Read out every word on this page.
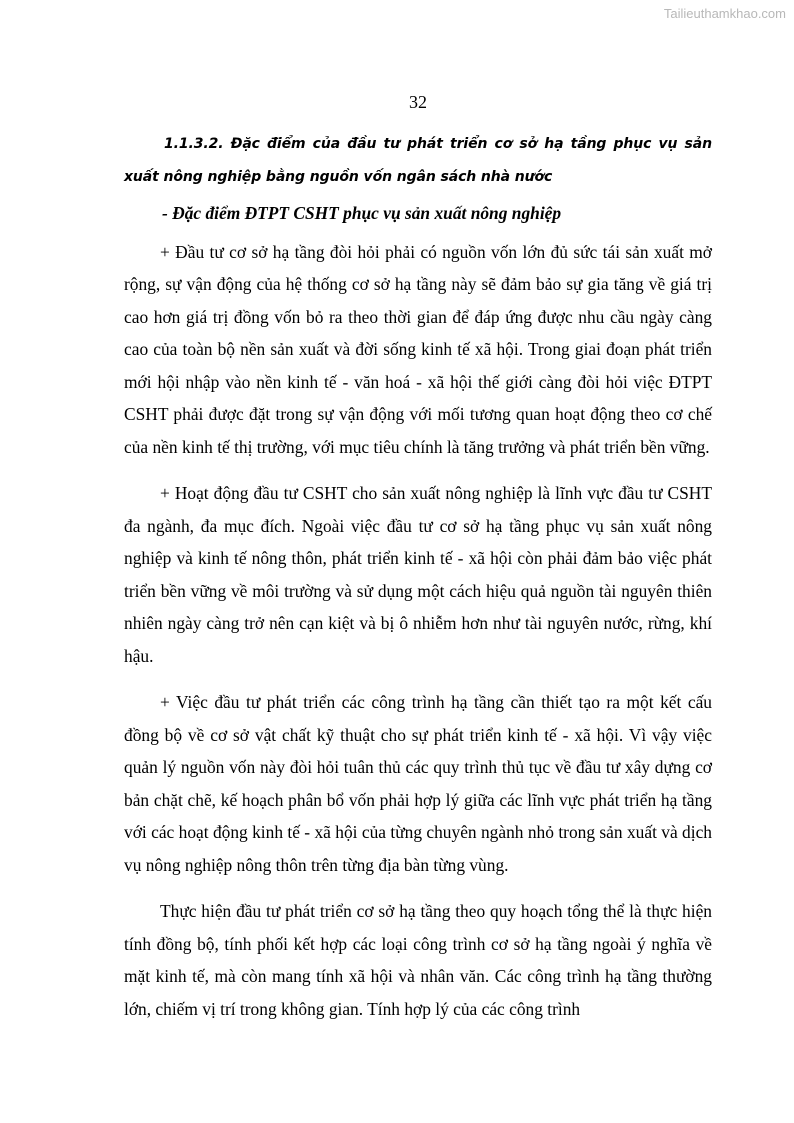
Tailieuthamkhao.com
32
1.1.3.2. Đặc điểm của đầu tư phát triển cơ sở hạ tầng phục vụ sản xuất nông nghiệp bằng nguồn vốn ngân sách nhà nước
- Đặc điểm ĐTPT CSHT phục vụ sản xuất nông nghiệp

+ Đầu tư cơ sở hạ tầng đòi hỏi phải có nguồn vốn lớn đủ sức tái sản xuất mở rộng, sự vận động của hệ thống cơ sở hạ tầng này sẽ đảm bảo sự gia tăng về giá trị cao hơn giá trị đồng vốn bỏ ra theo thời gian để đáp ứng được nhu cầu ngày càng cao của toàn bộ nền sản xuất và đời sống kinh tế xã hội. Trong giai đoạn phát triển mới hội nhập vào nền kinh tế - văn hoá - xã hội thế giới càng đòi hỏi việc ĐTPT CSHT phải được đặt trong sự vận động với mối tương quan hoạt động theo cơ chế của nền kinh tế thị trường, với mục tiêu chính là tăng trưởng và phát triển bền vững.

+ Hoạt động đầu tư CSHT cho sản xuất nông nghiệp là lĩnh vực đầu tư CSHT đa ngành, đa mục đích. Ngoài việc đầu tư cơ sở hạ tầng phục vụ sản xuất nông nghiệp và kinh tế nông thôn, phát triển kinh tế - xã hội còn phải đảm bảo việc phát triển bền vững về môi trường và sử dụng một cách hiệu quả nguồn tài nguyên thiên nhiên ngày càng trở nên cạn kiệt và bị ô nhiễm hơn như tài nguyên nước, rừng, khí hậu.

+ Việc đầu tư phát triển các công trình hạ tầng cần thiết tạo ra một kết cấu đồng bộ về cơ sở vật chất kỹ thuật cho sự phát triển kinh tế - xã hội. Vì vậy việc quản lý nguồn vốn này đòi hỏi tuân thủ các quy trình thủ tục về đầu tư xây dựng cơ bản chặt chẽ, kế hoạch phân bổ vốn phải hợp lý giữa các lĩnh vực phát triển hạ tầng với các hoạt động kinh tế - xã hội của từng chuyên ngành nhỏ trong sản xuất và dịch vụ nông nghiệp nông thôn trên từng địa bàn từng vùng.

Thực hiện đầu tư phát triển cơ sở hạ tầng theo quy hoạch tổng thể là thực hiện tính đồng bộ, tính phối kết hợp các loại công trình cơ sở hạ tầng ngoài ý nghĩa về mặt kinh tế, mà còn mang tính xã hội và nhân văn. Các công trình hạ tầng thường lớn, chiếm vị trí trong không gian. Tính hợp lý của các công trình
